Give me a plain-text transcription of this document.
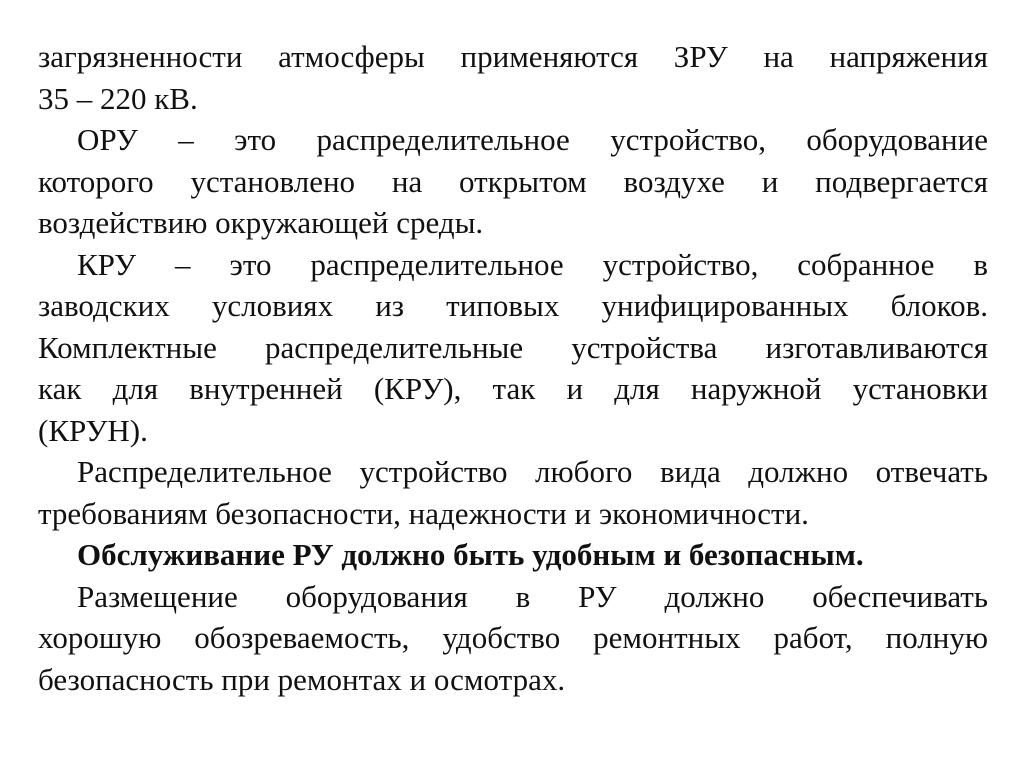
загрязненности атмосферы применяются ЗРУ на напряжения
35 – 220 кВ.
ОРУ – это распределительное устройство, оборудование
которого установлено на открытом воздухе и подвергается
воздействию окружающей среды.
КРУ – это распределительное устройство, собранное в
заводских условиях из типовых унифицированных блоков.
Комплектные распределительные устройства изготавливаются
как для внутренней (КРУ), так и для наружной установки
(КРУН).
Распределительное устройство любого вида должно отвечать
требованиям безопасности, надежности и экономичности.
Обслуживание РУ должно быть удобным и безопасным.
Размещение оборудования в РУ должно обеспечивать
хорошую обозреваемость, удобство ремонтных работ, полную
безопасность при ремонтах и осмотрах.
